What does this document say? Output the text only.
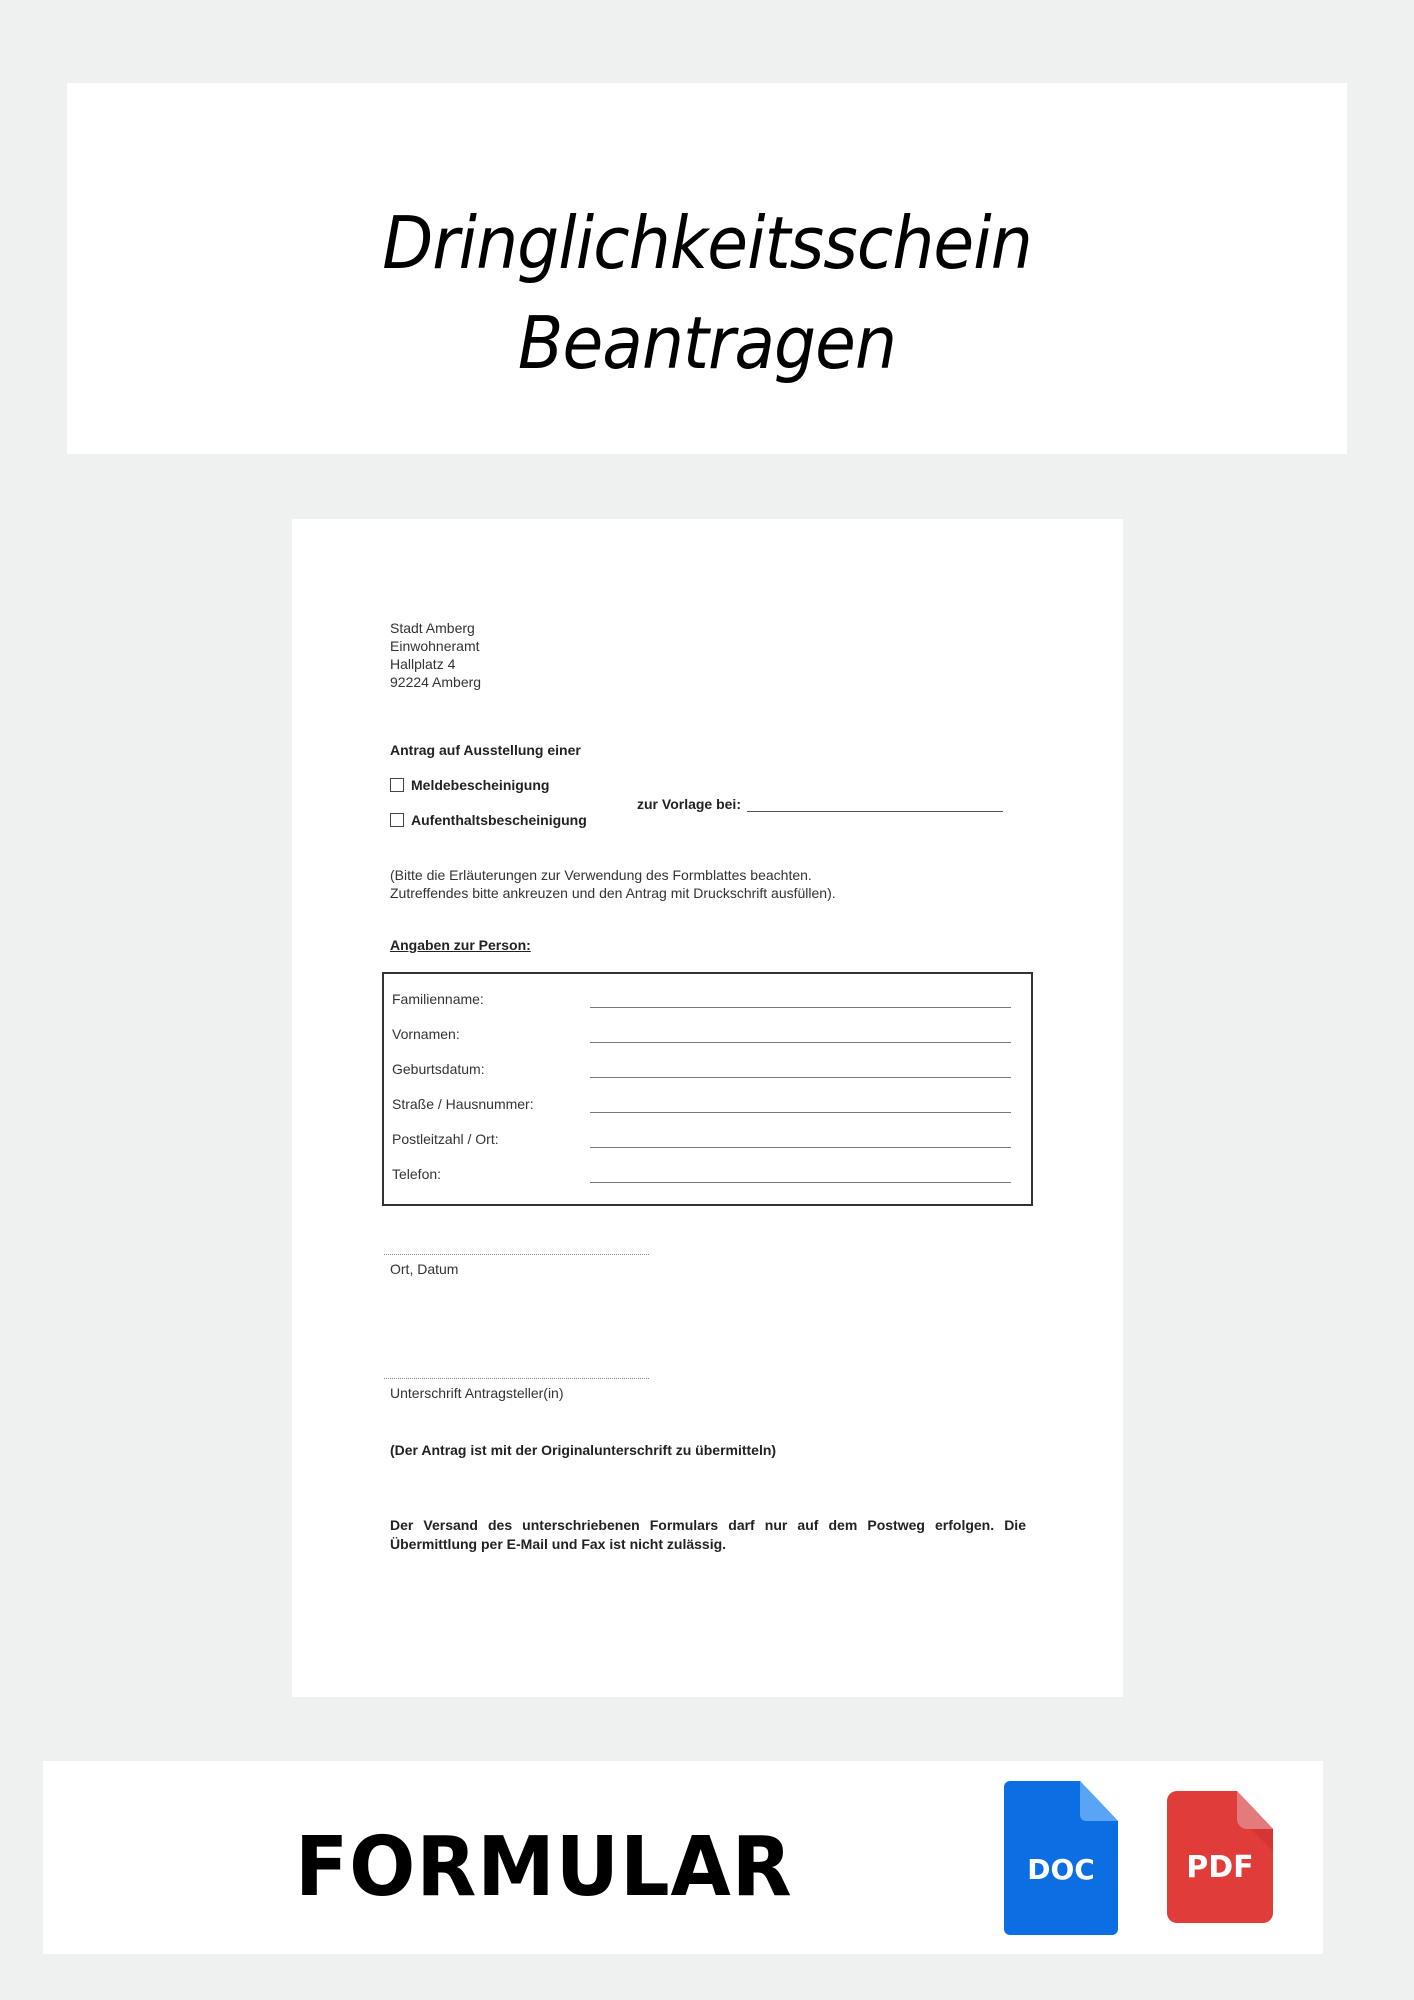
Dringlichkeitsschein
Beantragen
Stadt Amberg
Einwohneramt
Hallplatz 4
92224 Amberg
Antrag auf Ausstellung einer
Meldebescheinigung
Aufenthaltsbescheinigung
zur Vorlage bei:
(Bitte die Erläuterungen zur Verwendung des Formblattes beachten.
Zutreffendes bitte ankreuzen und den Antrag mit Druckschrift ausfüllen).
Angaben zur Person:
Familienname:
Vornamen:
Geburtsdatum:
Straße / Hausnummer:
Postleitzahl / Ort:
Telefon:
Ort, Datum
Unterschrift Antragsteller(in)
(Der Antrag ist mit der Originalunterschrift zu übermitteln)
Der Versand des unterschriebenen Formulars darf nur auf dem Postweg erfolgen. Die Übermittlung per E-Mail und Fax ist nicht zulässig.
FORMULAR	DOC	PDF
